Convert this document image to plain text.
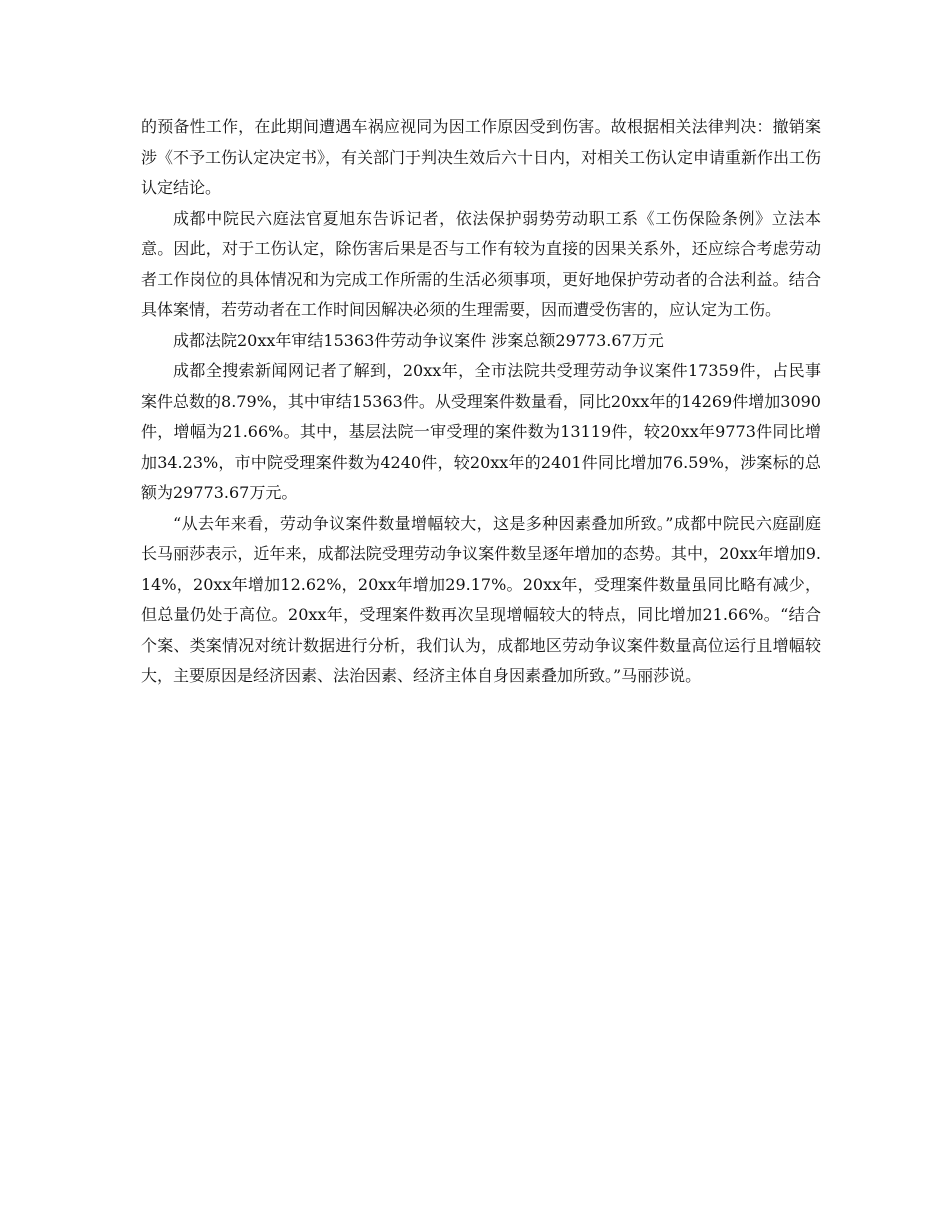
的预备性工作，在此期间遭遇车祸应视同为因工作原因受到伤害。故根据相关法律判决：撤销案涉《不予工伤认定决定书》，有关部门于判决生效后六十日内，对相关工伤认定申请重新作出工伤认定结论。

成都中院民六庭法官夏旭东告诉记者，依法保护弱势劳动职工系《工伤保险条例》立法本意。因此，对于工伤认定，除伤害后果是否与工作有较为直接的因果关系外，还应综合考虑劳动者工作岗位的具体情况和为完成工作所需的生活必须事项，更好地保护劳动者的合法利益。结合具体案情，若劳动者在工作时间因解决必须的生理需要，因而遭受伤害的，应认定为工伤。

成都法院20xx年审结15363件劳动争议案件 涉案总额29773.67万元

成都全搜索新闻网记者了解到，20xx年，全市法院共受理劳动争议案件17359件，占民事案件总数的8.79%，其中审结15363件。从受理案件数量看，同比20xx年的14269件增加3090件，增幅为21.66%。其中，基层法院一审受理的案件数为13119件，较20xx年9773件同比增加34.23%，市中院受理案件数为4240件，较20xx年的2401件同比增加76.59%，涉案标的总额为29773.67万元。

“从去年来看，劳动争议案件数量增幅较大，这是多种因素叠加所致。”成都中院民六庭副庭长马丽莎表示，近年来，成都法院受理劳动争议案件数呈逐年增加的态势。其中，20xx年增加9.14%，20xx年增加12.62%，20xx年增加29.17%。20xx年，受理案件数量虽同比略有减少，但总量仍处于高位。20xx年，受理案件数再次呈现增幅较大的特点，同比增加21.66%。“结合个案、类案情况对统计数据进行分析，我们认为，成都地区劳动争议案件数量高位运行且增幅较大，主要原因是经济因素、法治因素、经济主体自身因素叠加所致。”马丽莎说。
